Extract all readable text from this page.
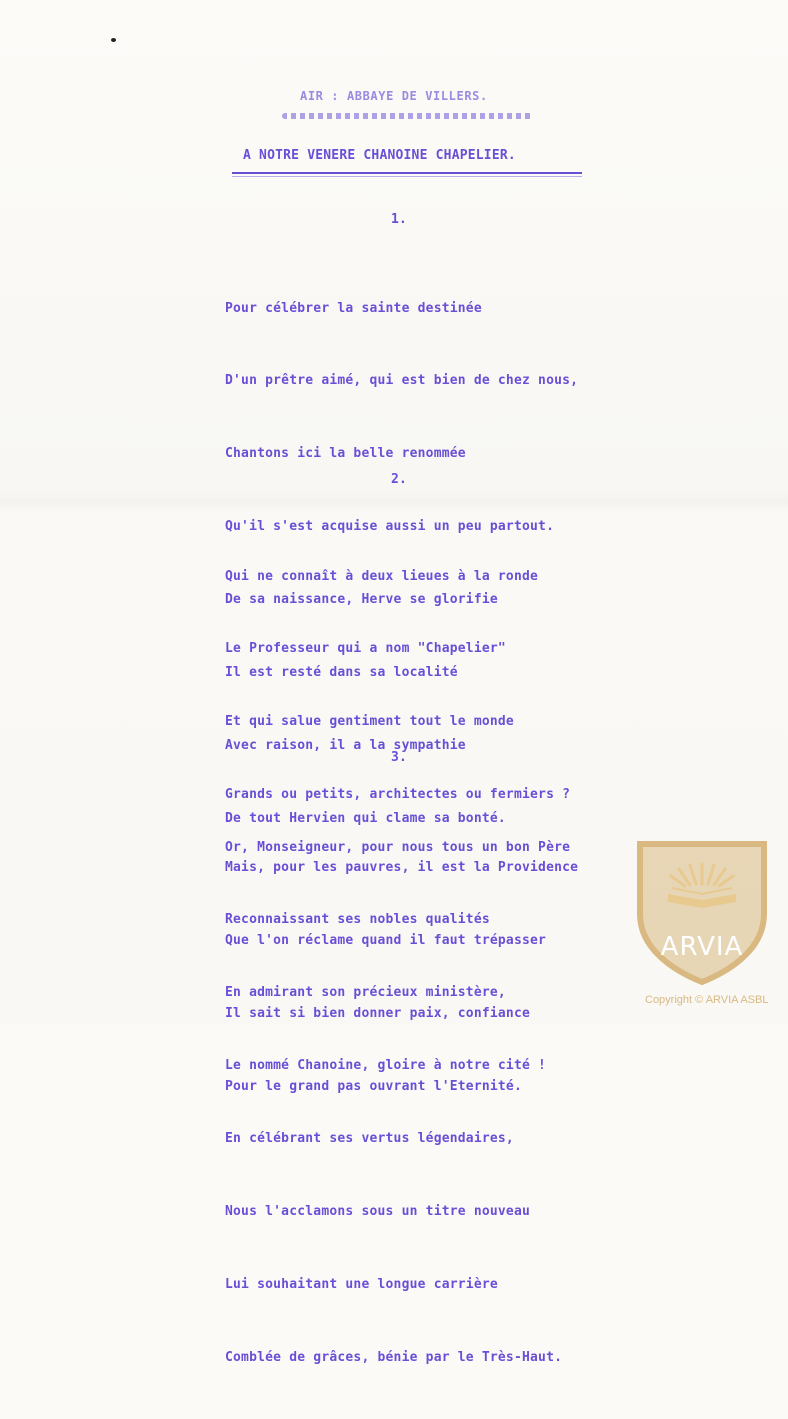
AIR : ABBAYE DE VILLERS.
A NOTRE VENERE CHANOINE CHAPELIER.
1.

Pour célébrer la sainte destinée

D'un prêtre aimé, qui est bien de chez nous,

Chantons ici la belle renommée

Qu'il s'est acquise aussi un peu partout.

De sa naissance, Herve se glorifie

Il est resté dans sa localité

Avec raison, il a la sympathie

De tout Hervien qui clame sa bonté.

2.

Qui ne connaît à deux lieues à la ronde

Le Professeur qui a nom "Chapelier"

Et qui salue gentiment tout le monde

Grands ou petits, architectes ou fermiers ?

Mais, pour les pauvres, il est la Providence

Que l'on réclame quand il faut trépasser

Il sait si bien donner paix, confiance

Pour le grand pas ouvrant l'Eternité.

3.

Or, Monseigneur, pour nous tous un bon Père

Reconnaissant ses nobles qualités

En admirant son précieux ministère,

Le nommé Chanoine, gloire à notre cité !

En célébrant ses vertus légendaires,

Nous l'acclamons sous un titre nouveau

Lui souhaitant une longue carrière

Comblée de grâces, bénie par le Très-Haut.

ARVIA
Copyright © ARVIA ASBL
